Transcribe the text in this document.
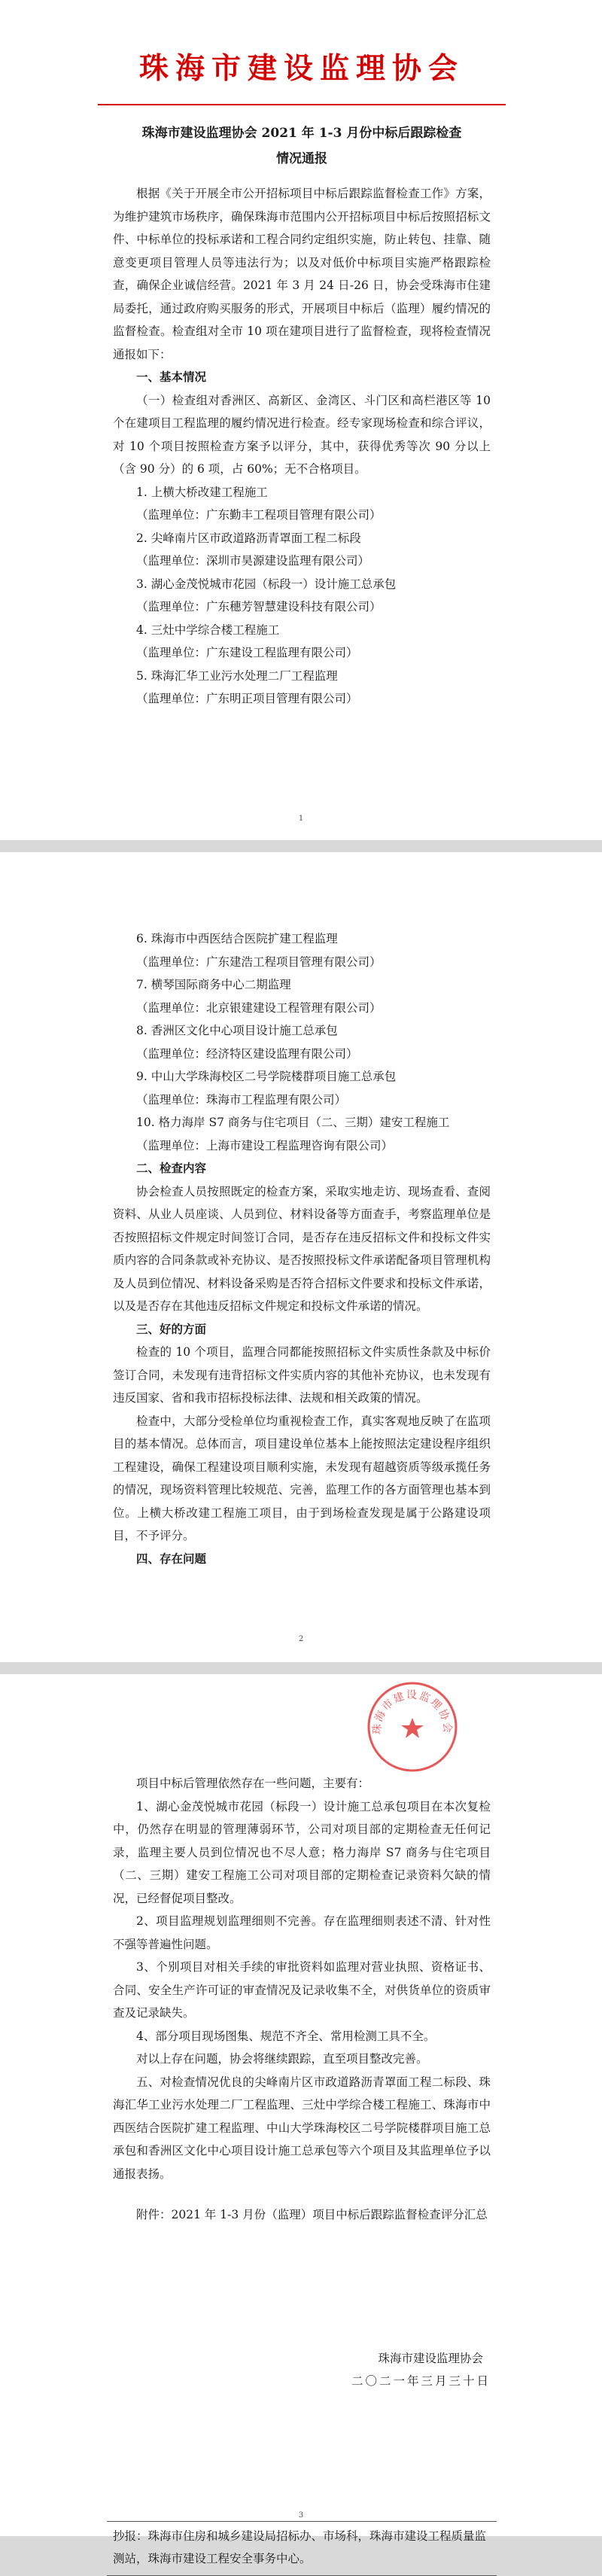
珠海市建设监理协会

珠海市建设监理协会 2021 年 1-3 月份中标后跟踪检查

情况通报

根据《关于开展全市公开招标项目中标后跟踪监督检查工作》方案，为维护建筑市场秩序，确保珠海市范围内公开招标项目中标后按照招标文件、中标单位的投标承诺和工程合同约定组织实施，防止转包、挂靠、随意变更项目管理人员等违法行为；以及对低价中标项目实施严格跟踪检查，确保企业诚信经营。2021 年 3 月 24 日-26 日，协会受珠海市住建局委托，通过政府购买服务的形式，开展项目中标后（监理）履约情况的监督检查。检查组对全市 10 项在建项目进行了监督检查，现将检查情况通报如下：

一、基本情况

（一）检查组对香洲区、高新区、金湾区、斗门区和高栏港区等 10 个在建项目工程监理的履约情况进行检查。经专家现场检查和综合评议，对 10 个项目按照检查方案予以评分，其中，获得优秀等次 90 分以上（含 90 分）的 6 项，占 60%；无不合格项目。

1. 上横大桥改建工程施工

（监理单位：广东勤丰工程项目管理有限公司）

2. 尖峰南片区市政道路沥青罩面工程二标段

（监理单位：深圳市昊源建设监理有限公司）

3. 湖心金茂悦城市花园（标段一）设计施工总承包

（监理单位：广东穗芳智慧建设科技有限公司）

4. 三灶中学综合楼工程施工

（监理单位：广东建设工程监理有限公司）

5. 珠海汇华工业污水处理二厂工程监理

（监理单位：广东明正项目管理有限公司）

1

6. 珠海市中西医结合医院扩建工程监理

（监理单位：广东建浩工程项目管理有限公司）

7. 横琴国际商务中心二期监理

（监理单位：北京银建建设工程管理有限公司）

8. 香洲区文化中心项目设计施工总承包

（监理单位：经济特区建设监理有限公司）

9. 中山大学珠海校区二号学院楼群项目施工总承包

（监理单位：珠海市工程监理有限公司）

10. 格力海岸 S7 商务与住宅项目（二、三期）建安工程施工

（监理单位：上海市建设工程监理咨询有限公司）

二、检查内容

协会检查人员按照既定的检查方案，采取实地走访、现场查看、查阅资料、从业人员座谈、人员到位、材料设备等方面查手，考察监理单位是否按照招标文件规定时间签订合同，是否存在违反招标文件和投标文件实质内容的合同条款或补充协议、是否按照投标文件承诺配备项目管理机构及人员到位情况、材料设备采购是否符合招标文件要求和投标文件承诺，以及是否存在其他违反招标文件规定和投标文件承诺的情况。

三、好的方面

检查的 10 个项目，监理合同都能按照招标文件实质性条款及中标价签订合同，未发现有违背招标文件实质内容的其他补充协议，也未发现有违反国家、省和我市招标投标法律、法规和相关政策的情况。

检查中，大部分受检单位均重视检查工作，真实客观地反映了在监项目的基本情况。总体而言，项目建设单位基本上能按照法定建设程序组织工程建设，确保工程建设项目顺利实施，未发现有超越资质等级承揽任务的情况，现场资料管理比较规范、完善，监理工作的各方面管理也基本到位。上横大桥改建工程施工项目，由于到场检查发现是属于公路建设项目，不予评分。

四、存在问题

2

项目中标后管理依然存在一些问题，主要有：

1、湖心金茂悦城市花园（标段一）设计施工总承包项目在本次复检中，仍然存在明显的管理薄弱环节，公司对项目部的定期检查无任何记录，监理主要人员到位情况也不尽人意；格力海岸 S7 商务与住宅项目（二、三期）建安工程施工公司对项目部的定期检查记录资料欠缺的情况，已经督促项目整改。

2、项目监理规划监理细则不完善。存在监理细则表述不清、针对性不强等普遍性问题。

3、个别项目对相关手续的审批资料如监理对营业执照、资格证书、合同、安全生产许可证的审查情况及记录收集不全，对供货单位的资质审查及记录缺失。

4、部分项目现场图集、规范不齐全、常用检测工具不全。

对以上存在问题，协会将继续跟踪，直至项目整改完善。

五、对检查情况优良的尖峰南片区市政道路沥青罩面工程二标段、珠海汇华工业污水处理二厂工程监理、三灶中学综合楼工程施工、珠海市中西医结合医院扩建工程监理、中山大学珠海校区二号学院楼群项目施工总承包和香洲区文化中心项目设计施工总承包等六个项目及其监理单位予以通报表扬。

附件：2021 年 1-3 月份（监理）项目中标后跟踪监督检查评分汇总

珠海市建设监理协会

二〇二一年三月三十日

抄报：珠海市住房和城乡建设局招标办、市场科，珠海市建设工程质量监测站，珠海市建设工程安全事务中心。

3
珠海市建设监理协会
